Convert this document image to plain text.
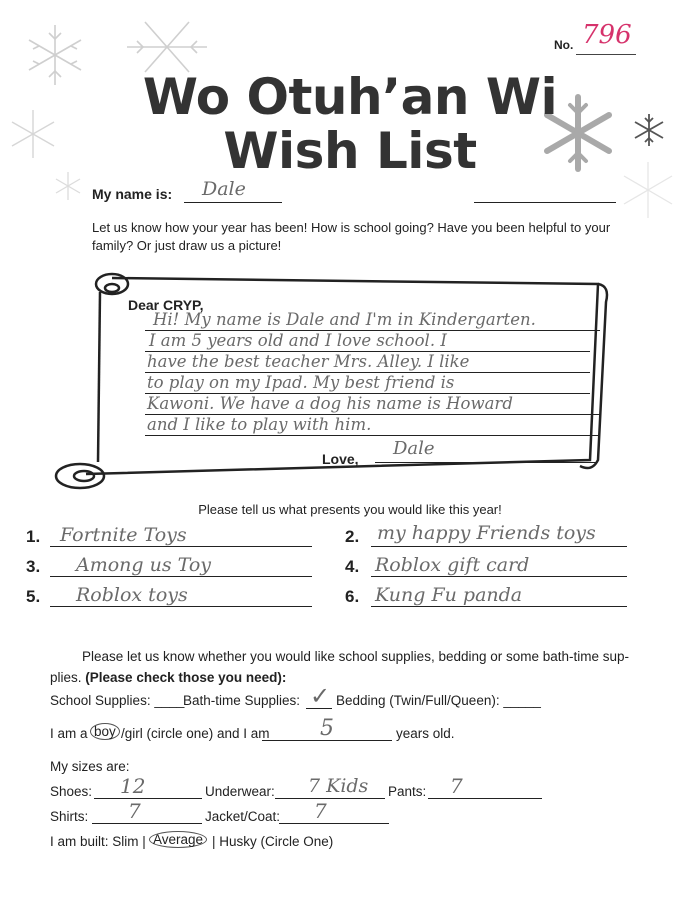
No. 796
Wo Otuh’an Wi
Wish List
My name is: Dale
Let us know how your year has been! How is school going? Have you been helpful to your family? Or just draw us a picture!
Dear CRYP,
Hi! My name is Dale and I'm in Kindergarten.
I am 5 years old and I love school. I
have the best teacher Mrs. Alley. I like
to play on my Ipad. My best friend is
Kawoni. We have a dog his name is Howard
and I like to play with him.
Love, Dale
Please tell us what presents you would like this year!
1. Fortnite Toys	2. my happy Friends toys
3. Among us Toy	4. Roblox gift card
5. Roblox toys	6. Kung Fu panda
Please let us know whether you would like school supplies, bedding or some bath-time sup-
plies. (Please check those you need):
School Supplies: ____
Bath-time Supplies: ✓ Bedding (Twin/Full/Queen): _____
I am a boy /girl (circle one) and I am 5	years old.
My sizes are:
Shoes: 12	Underwear: 7 Kids Pants: 7
Shirts: 7	Jacket/Coat: 7
I am built: Slim | Average | Husky (Circle One)
